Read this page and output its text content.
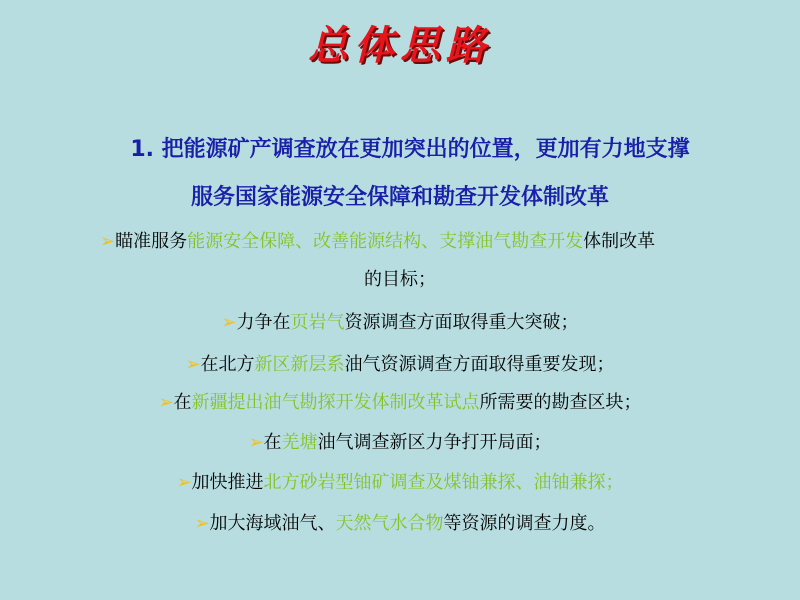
总体思路
1. 把能源矿产调查放在更加突出的位置，更加有力地支撑
服务国家能源安全保障和勘查开发体制改革
➢瞄准服务能源安全保障、改善能源结构、支撑油气勘查开发体制改革
的目标；
➢力争在页岩气资源调查方面取得重大突破；
➢在北方新区新层系油气资源调查方面取得重要发现；
➢在新疆提出油气勘探开发体制改革试点所需要的勘查区块；
➢在羌塘油气调查新区力争打开局面；
➢加快推进北方砂岩型铀矿调查及煤铀兼探、油铀兼探；
➢加大海域油气、天然气水合物等资源的调查力度。
